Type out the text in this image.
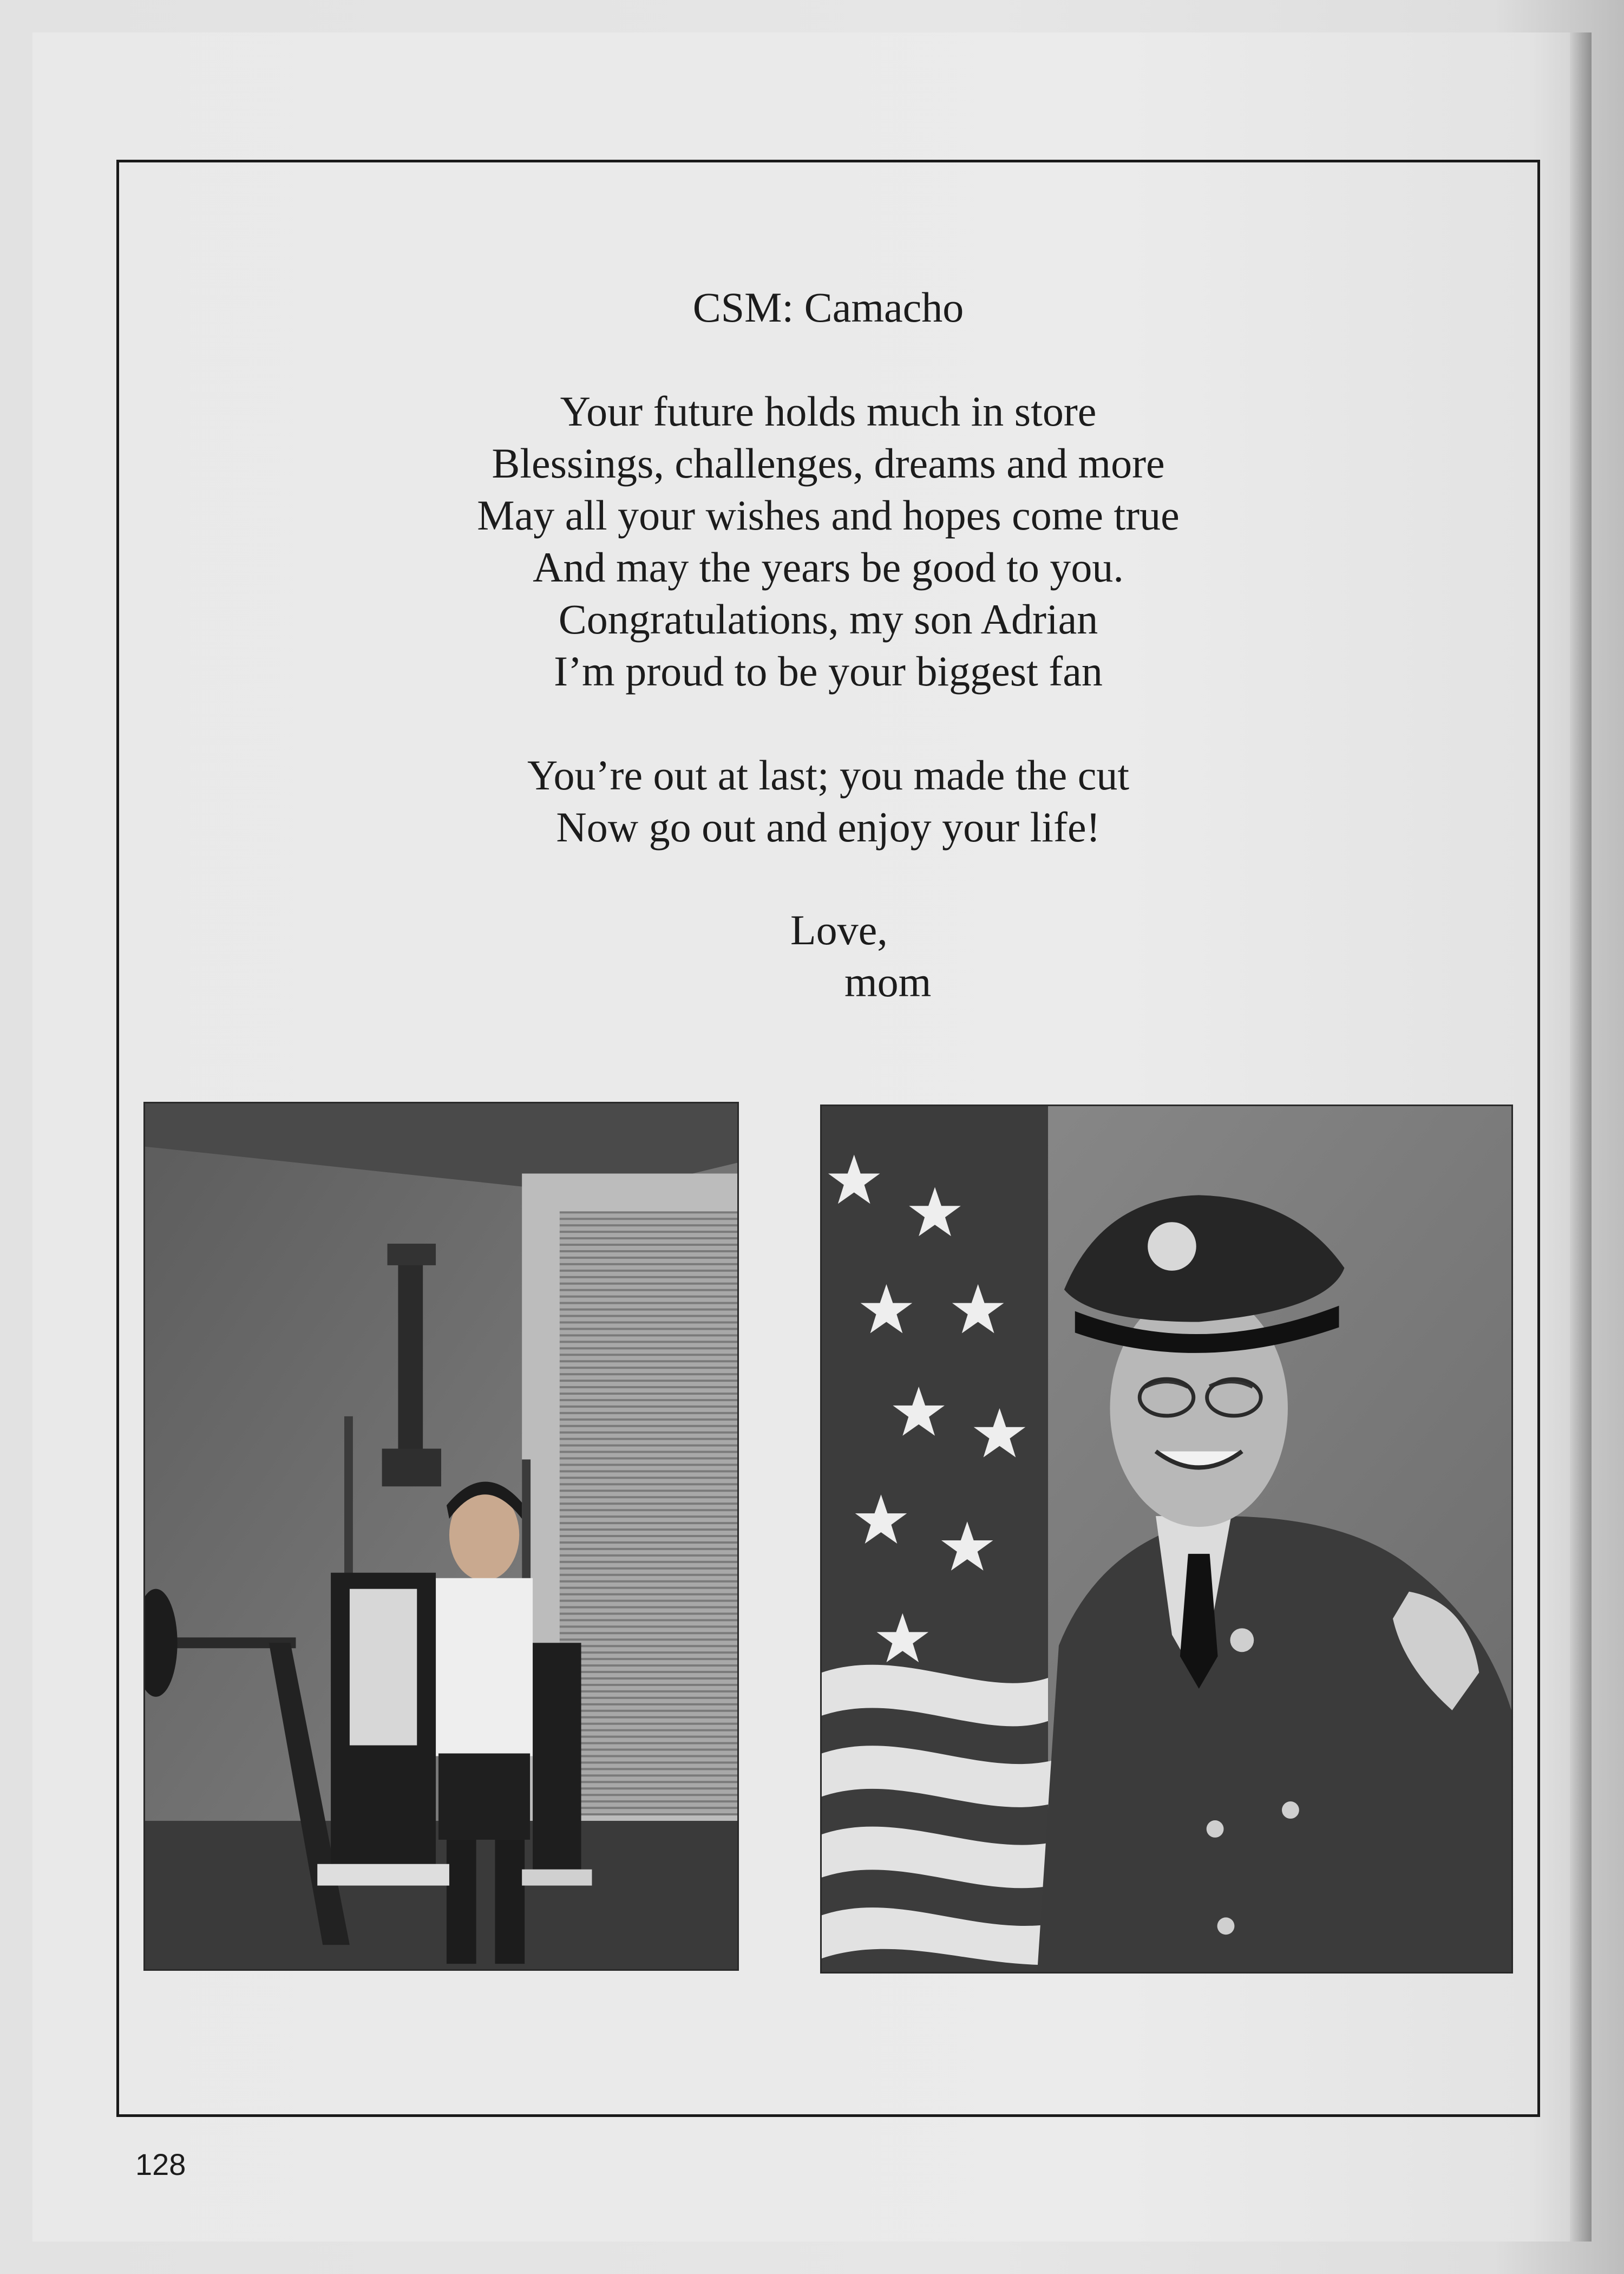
CSM: Camacho
Your future holds much in store
Blessings, challenges, dreams and more
May all your wishes and hopes come true
And may the years be good to you.
Congratulations, my son Adrian
I’m proud to be your biggest fan
You’re out at last; you made the cut
Now go out and enjoy your life!
Love,
mom
128
